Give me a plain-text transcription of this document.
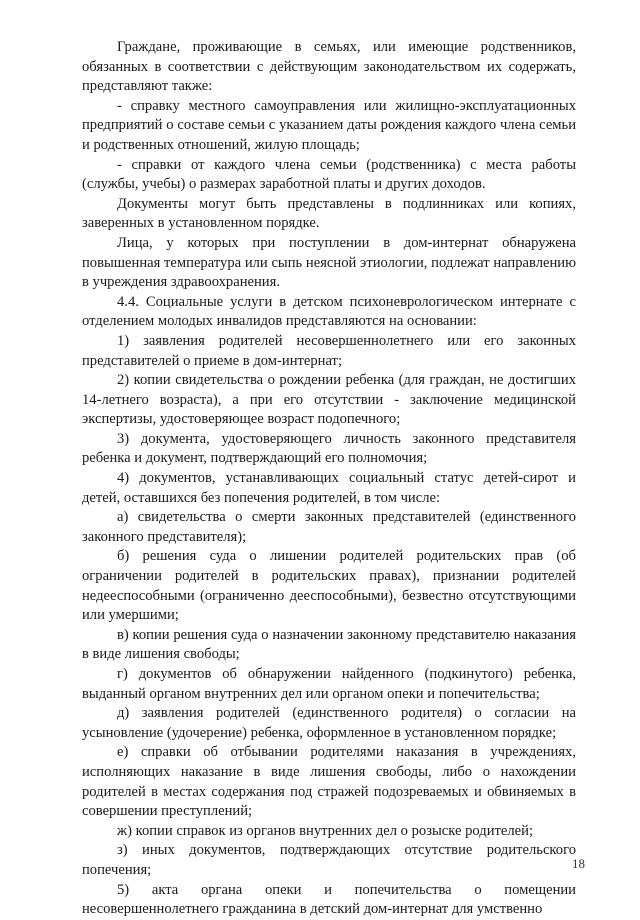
Граждане, проживающие в семьях, или имеющие родственников, обязанных в соответствии с действующим законодательством их содержать, представляют также:

- справку местного самоуправления или жилищно-эксплуатационных предприятий о составе семьи с указанием даты рождения каждого члена семьи и родственных отношений, жилую площадь;

- справки от каждого члена семьи (родственника) с места работы (службы, учебы) о размерах заработной платы и других доходов.

Документы могут быть представлены в подлинниках или копиях, заверенных в установленном порядке.

Лица, у которых при поступлении в дом-интернат обнаружена повышенная температура или сыпь неясной этиологии, подлежат направлению в учреждения здравоохранения.

4.4. Социальные услуги в детском психоневрологическом интернате с отделением молодых инвалидов представляются на основании:

1) заявления родителей несовершеннолетнего или его законных представителей о приеме в дом-интернат;

2) копии свидетельства о рождении ребенка (для граждан, не достигших 14-летнего возраста), а при его отсутствии - заключение медицинской экспертизы, удостоверяющее возраст подопечного;

3) документа, удостоверяющего личность законного представителя ребенка и документ, подтверждающий его полномочия;

4) документов, устанавливающих социальный статус детей-сирот и детей, оставшихся без попечения родителей, в том числе:

а) свидетельства о смерти законных представителей (единственного законного представителя);

б) решения суда о лишении родителей родительских прав (об ограничении родителей в родительских правах), признании родителей недееспособными (ограниченно дееспособными), безвестно отсутствующими или умершими;

в) копии решения суда о назначении законному представителю наказания в виде лишения свободы;

г) документов об обнаружении найденного (подкинутого) ребенка, выданный органом внутренних дел или органом опеки и попечительства;

д) заявления родителей (единственного родителя) о согласии на усыновление (удочерение) ребенка, оформленное в установленном порядке;

е) справки об отбывании родителями наказания в учреждениях, исполняющих наказание в виде лишения свободы, либо о нахождении родителей в местах содержания под стражей подозреваемых и обвиняемых в совершении преступлений;

ж) копии справок из органов внутренних дел о розыске родителей;

з) иных документов, подтверждающих отсутствие родительского попечения;

5) акта органа опеки и попечительства о помещении несовершеннолетнего гражданина в детский дом-интернат для умственно

18
